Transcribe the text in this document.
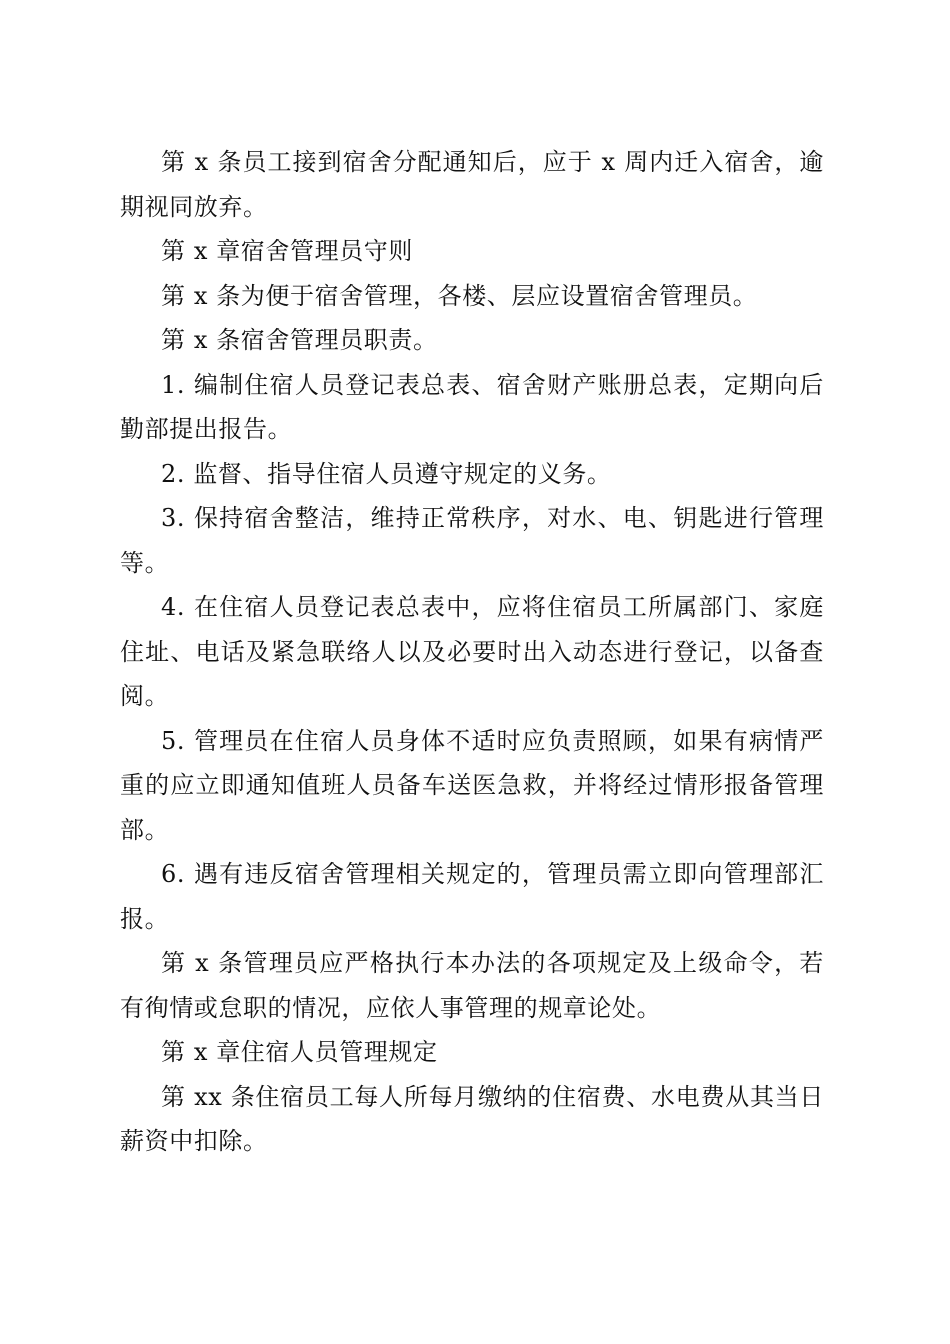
第 x 条员工接到宿舍分配通知后，应于 x 周内迁入宿舍，逾期视同放弃。

第 x 章宿舍管理员守则

第 x 条为便于宿舍管理，各楼、层应设置宿舍管理员。

第 x 条宿舍管理员职责。

1. 编制住宿人员登记表总表、宿舍财产账册总表，定期向后勤部提出报告。

2. 监督、指导住宿人员遵守规定的义务。

3. 保持宿舍整洁，维持正常秩序，对水、电、钥匙进行管理等。

4. 在住宿人员登记表总表中，应将住宿员工所属部门、家庭住址、电话及紧急联络人以及必要时出入动态进行登记，以备查阅。

5. 管理员在住宿人员身体不适时应负责照顾，如果有病情严重的应立即通知值班人员备车送医急救，并将经过情形报备管理部。

6. 遇有违反宿舍管理相关规定的，管理员需立即向管理部汇报。

第 x 条管理员应严格执行本办法的各项规定及上级命令，若有徇情或怠职的情况，应依人事管理的规章论处。

第 x 章住宿人员管理规定

第 xx 条住宿员工每人所每月缴纳的住宿费、水电费从其当日薪资中扣除。
